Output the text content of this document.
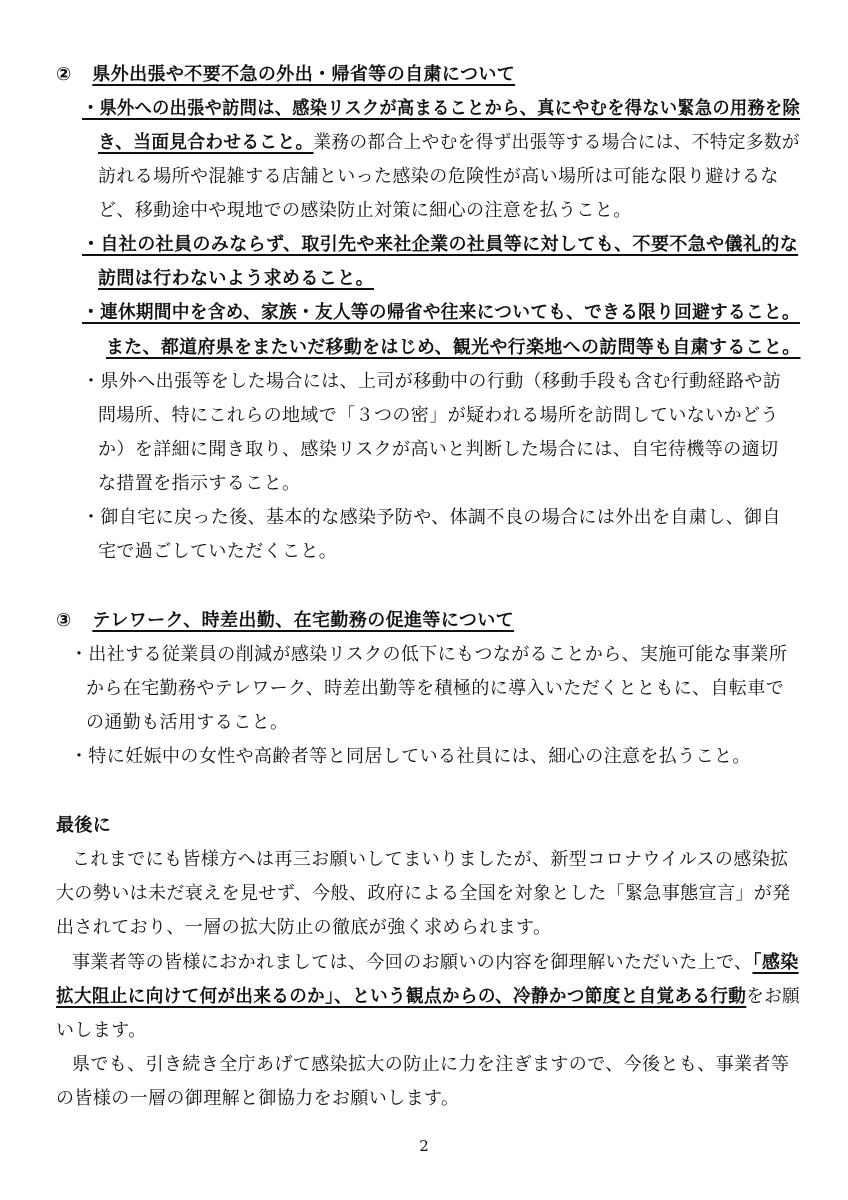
② 県外出張や不要不急の外出・帰省等の自粛について
・県外への出張や訪問は、感染リスクが高まることから、真にやむを得ない緊急の用務を除
き、当面見合わせること。業務の都合上やむを得ず出張等する場合には、不特定多数が
訪れる場所や混雑する店舗といった感染の危険性が高い場所は可能な限り避けるな
ど、移動途中や現地での感染防止対策に細心の注意を払うこと。
・自社の社員のみならず、取引先や来社企業の社員等に対しても、不要不急や儀礼的な
訪問は行わないよう求めること。
・連休期間中を含め、家族・友人等の帰省や往来についても、できる限り回避すること。
また、都道府県をまたいだ移動をはじめ、観光や行楽地への訪問等も自粛すること。
・県外へ出張等をした場合には、上司が移動中の行動（移動手段も含む行動経路や訪
問場所、特にこれらの地域で「３つの密」が疑われる場所を訪問していないかどう
か）を詳細に聞き取り、感染リスクが高いと判断した場合には、自宅待機等の適切
な措置を指示すること。
・御自宅に戻った後、基本的な感染予防や、体調不良の場合には外出を自粛し、御自
宅で過ごしていただくこと。
③ テレワーク、時差出勤、在宅勤務の促進等について
・出社する従業員の削減が感染リスクの低下にもつながることから、実施可能な事業所
から在宅勤務やテレワーク、時差出勤等を積極的に導入いただくとともに、自転車で
の通勤も活用すること。
・特に妊娠中の女性や高齢者等と同居している社員には、細心の注意を払うこと。
最後に
これまでにも皆様方へは再三お願いしてまいりましたが、新型コロナウイルスの感染拡
大の勢いは未だ衰えを見せず、今般、政府による全国を対象とした「緊急事態宣言」が発
出されており、一層の拡大防止の徹底が強く求められます。
事業者等の皆様におかれましては、今回のお願いの内容を御理解いただいた上で、「感染
拡大阻止に向けて何が出来るのか」、という観点からの、冷静かつ節度と自覚ある行動をお願
いします。
県でも、引き続き全庁あげて感染拡大の防止に力を注ぎますので、今後とも、事業者等
の皆様の一層の御理解と御協力をお願いします。
2
